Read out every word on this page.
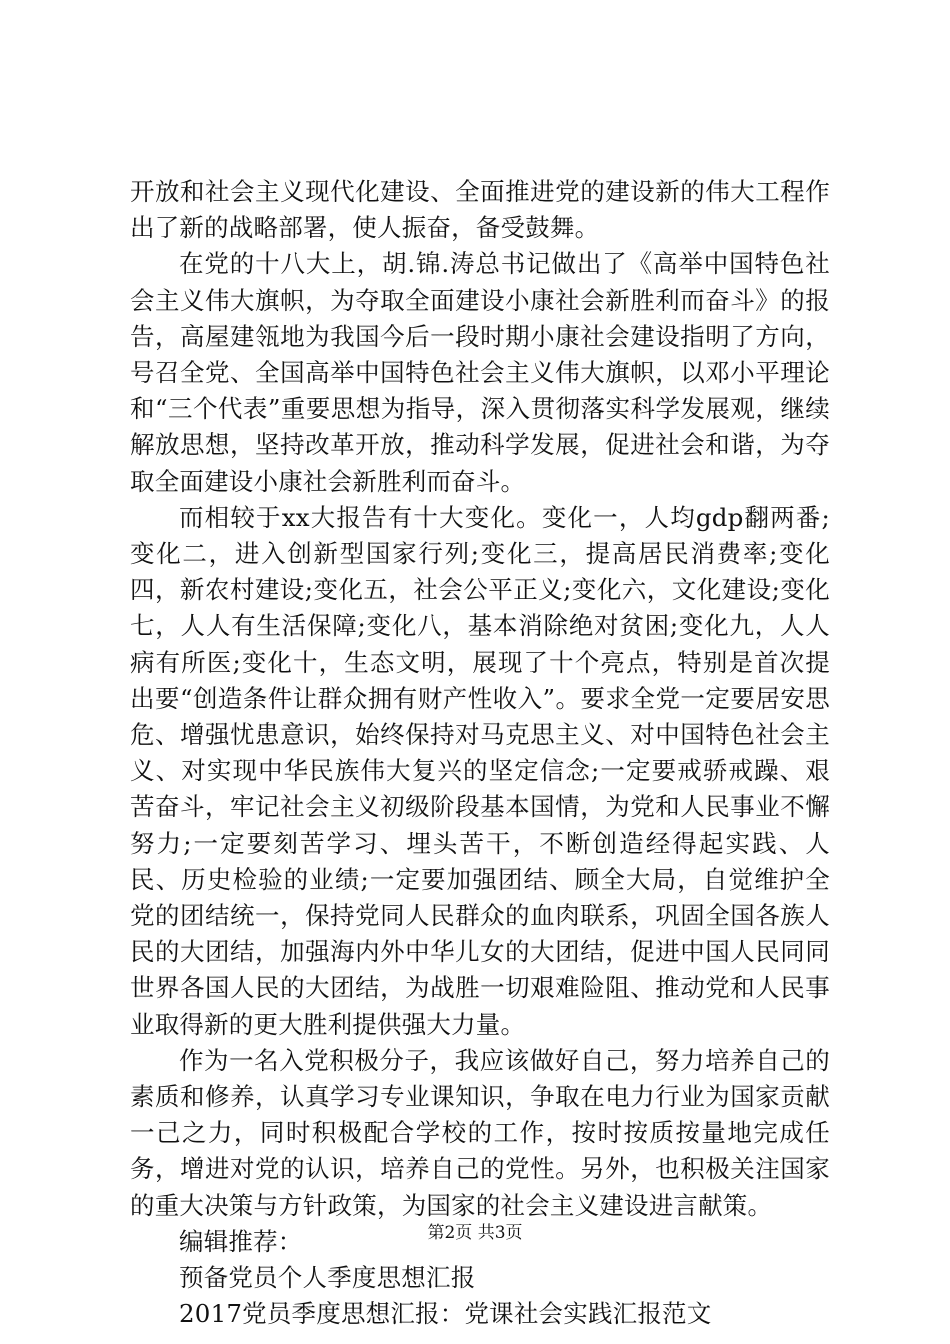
开放和社会主义现代化建设、全面推进党的建设新的伟大工程作出了新的战略部署，使人振奋，备受鼓舞。

在党的十八大上，胡.锦.涛总书记做出了《高举中国特色社会主义伟大旗帜，为夺取全面建设小康社会新胜利而奋斗》的报告，高屋建瓴地为我国今后一段时期小康社会建设指明了方向，号召全党、全国高举中国特色社会主义伟大旗帜，以邓小平理论和“三个代表”重要思想为指导，深入贯彻落实科学发展观，继续解放思想，坚持改革开放，推动科学发展，促进社会和谐，为夺取全面建设小康社会新胜利而奋斗。

而相较于xx大报告有十大变化。变化一，人均gdp翻两番;变化二，进入创新型国家行列;变化三，提高居民消费率;变化四，新农村建设;变化五，社会公平正义;变化六，文化建设;变化七，人人有生活保障;变化八，基本消除绝对贫困;变化九，人人病有所医;变化十，生态文明，展现了十个亮点，特别是首次提出要“创造条件让群众拥有财产性收入”。要求全党一定要居安思危、增强忧患意识，始终保持对马克思主义、对中国特色社会主义、对实现中华民族伟大复兴的坚定信念;一定要戒骄戒躁、艰苦奋斗，牢记社会主义初级阶段基本国情，为党和人民事业不懈努力;一定要刻苦学习、埋头苦干，不断创造经得起实践、人民、历史检验的业绩;一定要加强团结、顾全大局，自觉维护全党的团结统一，保持党同人民群众的血肉联系，巩固全国各族人民的大团结，加强海内外中华儿女的大团结，促进中国人民同同世界各国人民的大团结，为战胜一切艰难险阻、推动党和人民事业取得新的更大胜利提供强大力量。

作为一名入党积极分子，我应该做好自己，努力培养自己的素质和修养，认真学习专业课知识，争取在电力行业为国家贡献一己之力，同时积极配合学校的工作，按时按质按量地完成任务，增进对党的认识，培养自己的党性。另外，也积极关注国家的重大决策与方针政策，为国家的社会主义建设进言献策。

编辑推荐：

预备党员个人季度思想汇报

2017党员季度思想汇报：党课社会实践汇报范文

第2页 共3页
